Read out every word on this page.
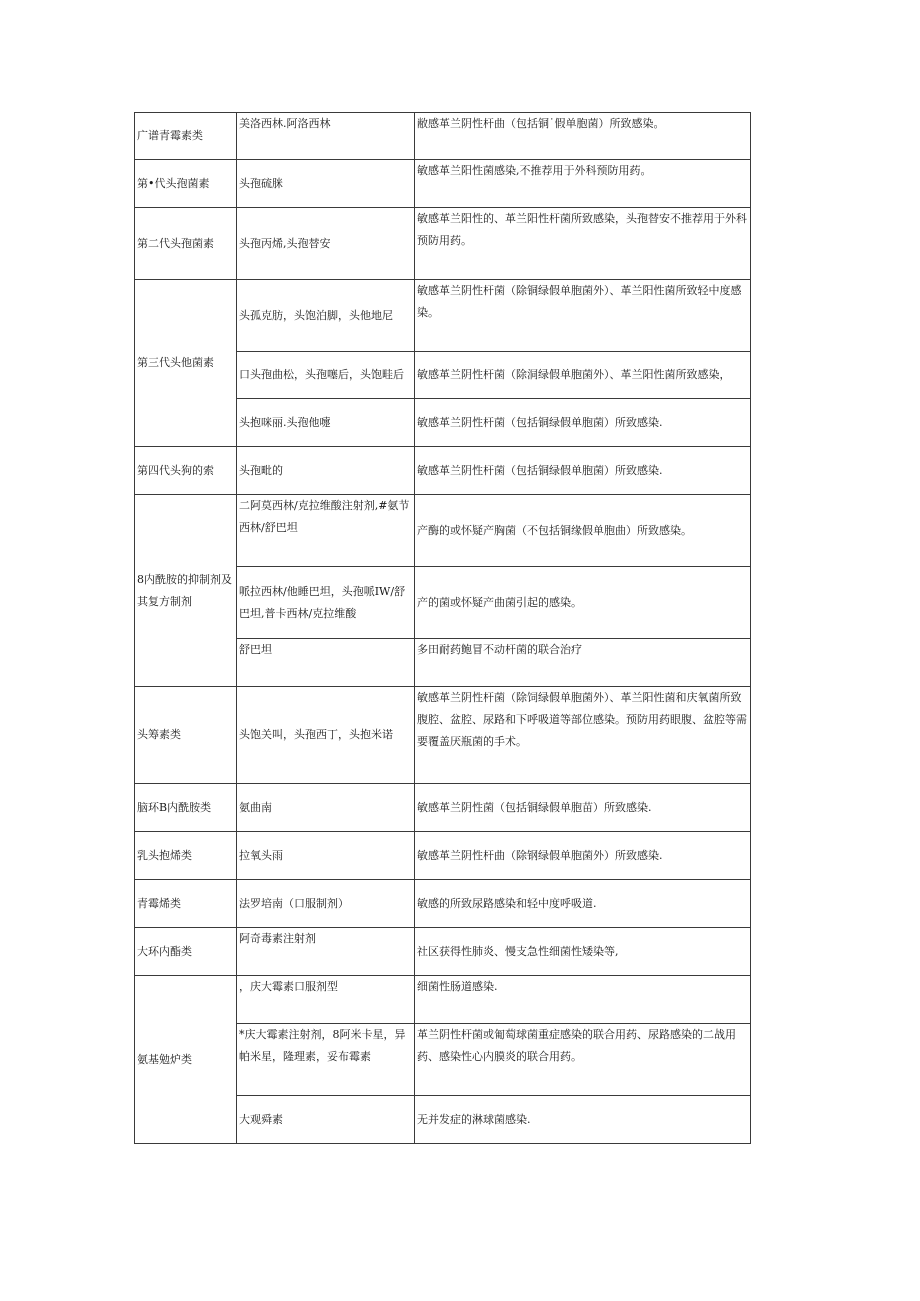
广谱青霉素类	美洛西林.阿洛西林	敝感革兰阴性杆曲（包括铜˙假单胞菌）所致感染。
第•代头孢菌素	头孢硫脒	敏感革兰阳性菌感染,不推荐用于外科预防用药。
第二代头孢菌素	头孢丙烯,头孢替安	敏感革兰阳性的、革兰阳性杆菌所致感染，头孢替安不推荐用于外科预防用药。
第三代头他菌素	头孤克肪，头饱泊脚，头他地尼	敏感革兰阴性杆菌（除铜绿假单胞菌外）、革兰阳性菌所致轻中度感染。
	口头孢曲松，头孢噻后，头饱畦后	敏感革兰阴性杆菌（除洞绿假单胞菌外）、革兰阳性菌所致感染，
	头抱咪丽.头孢他嚏	敏感革兰阴性杆菌（包括铜绿假单胞菌）所致感染.
第四代头狗的索	头孢毗的	敏感革兰阴性杆菌（包括铜绿假单胞菌）所致感染.
8内酰胺的抑制剂及其复方制剂	二阿莫西林/克拉维酸注射剂,#氨节西林/舒巴坦	产酶的或怀疑产胸菌（不包括铜缘假单胞曲）所致感染。
	哌拉西林/他睡巴坦，头孢哌IW/舒巴坦,普卡西林/克拉维酸	产的菌或怀疑产曲菌引起的感染。
	舒巴坦	多田耐药鲍冒不动杆菌的联合治疗
头筹素类	头饱关叫，头孢西丁，头抱米诺	敏感革兰阴性杆菌（除饲绿假单胞菌外）、革兰阳性菌和庆氧菌所致腹腔、盆腔、尿路和下呼吸道等部位感染。预防用药眼腹、盆腔等需要覆盖厌瓶菌的手术。
脑环B内酰胺类	氨曲南	敏感革兰阴性菌（包括铜绿假单胞苗）所致感染.
乳头抱烯类	拉氧头雨	敏感革兰阴性杆曲（除钢绿假单胞菌外）所致感染.
青霉烯类	法罗培南（口服制剂）	敏感的所致尿路感染和轻中度呼吸道.
大环内酯类	阿奇毒素注射剂	社区获得性肺炎、慢支急性细菌性矮染等,
氨基勉炉类	，庆大霉素口服剂型	细菌性肠道感染.
	*庆大霉素注射剂，8阿米卡星，异帕米星，隆理素，妥布霉素	革兰阴性杆菌或匍萄球菌重症感染的联合用药、尿路感染的二战用药、感染性心内膜炎的联合用药。
	大观舜素	无并发症的淋球菌感染.
